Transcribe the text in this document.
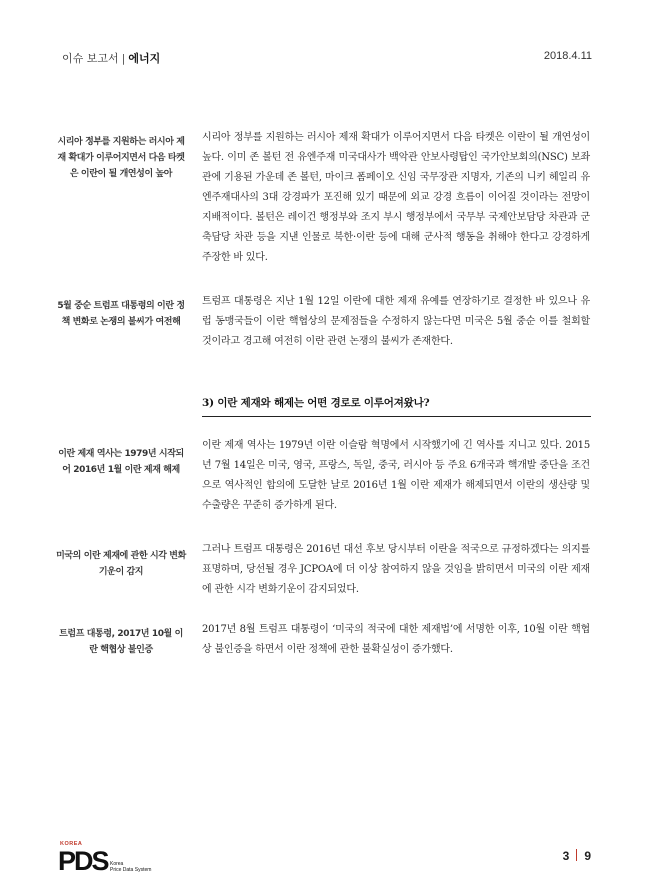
이슈 보고서 | 에너지	2018.4.11
시리아 정부를 지원하는 러시아 제재 확대가 이루어지면서 다음 타켓은 이란이 될 개연성이 높아
시리아 정부를 지원하는 러시아 제재 확대가 이루어지면서 다음 타켓은 이란이 될 개연성이 높다. 이미 존 볼턴 전 유엔주재 미국대사가 백악관 안보사령탑인 국가안보회의(NSC) 보좌관에 기용된 가운데 존 볼턴, 마이크 폼페이오 신임 국무장관 지명자, 기존의 니키 헤일리 유엔주재대사의 3대 강경파가 포진해 있기 때문에 외교 강경 흐름이 이어질 것이라는 전망이 지배적이다. 볼턴은 레이건 행정부와 조지 부시 행정부에서 국무부 국제안보담당 차관과 군축담당 차관 등을 지낸 인물로 북한·이란 등에 대해 군사적 행동을 취해야 한다고 강경하게 주장한 바 있다.
5월 중순 트럼프 대통령의 이란 정책 변화로 논쟁의 불씨가 여전해
트럼프 대통령은 지난 1월 12일 이란에 대한 제재 유예를 연장하기로 결정한 바 있으나 유럽 동맹국들이 이란 핵협상의 문제점들을 수정하지 않는다면 미국은 5월 중순 이를 철회할 것이라고 경고해 여전히 이란 관련 논쟁의 불씨가 존재한다.
3) 이란 제재와 해제는 어떤 경로로 이루어져왔나?
이란 제재 역사는 1979년 시작되어 2016년 1월 이란 제재 해제
이란 제재 역사는 1979년 이란 이슬람 혁명에서 시작했기에 긴 역사를 지니고 있다. 2015년 7월 14일은 미국, 영국, 프랑스, 독일, 중국, 러시아 등 주요 6개국과 핵개발 중단을 조건으로 역사적인 합의에 도달한 날로 2016년 1월 이란 제재가 해제되면서 이란의 생산량 및 수출량은 꾸준히 증가하게 된다.
미국의 이란 제재에 관한 시각 변화기운이 감지
그러나 트럼프 대통령은 2016년 대선 후보 당시부터 이란을 적국으로 규정하겠다는 의지를 표명하며, 당선될 경우 JCPOA에 더 이상 참여하지 않을 것임을 밝히면서 미국의 이란 제재에 관한 시각 변화기운이 감지되었다.
트럼프 대통령, 2017년 10월 이란 핵협상 불인증
2017년 8월 트럼프 대통령이 ‘미국의 적국에 대한 제재법’에 서명한 이후, 10월 이란 핵협상 불인증을 하면서 이란 정책에 관한 불확실성이 증가했다.
KOREA
PDS Korea
Price Data System
3 9
